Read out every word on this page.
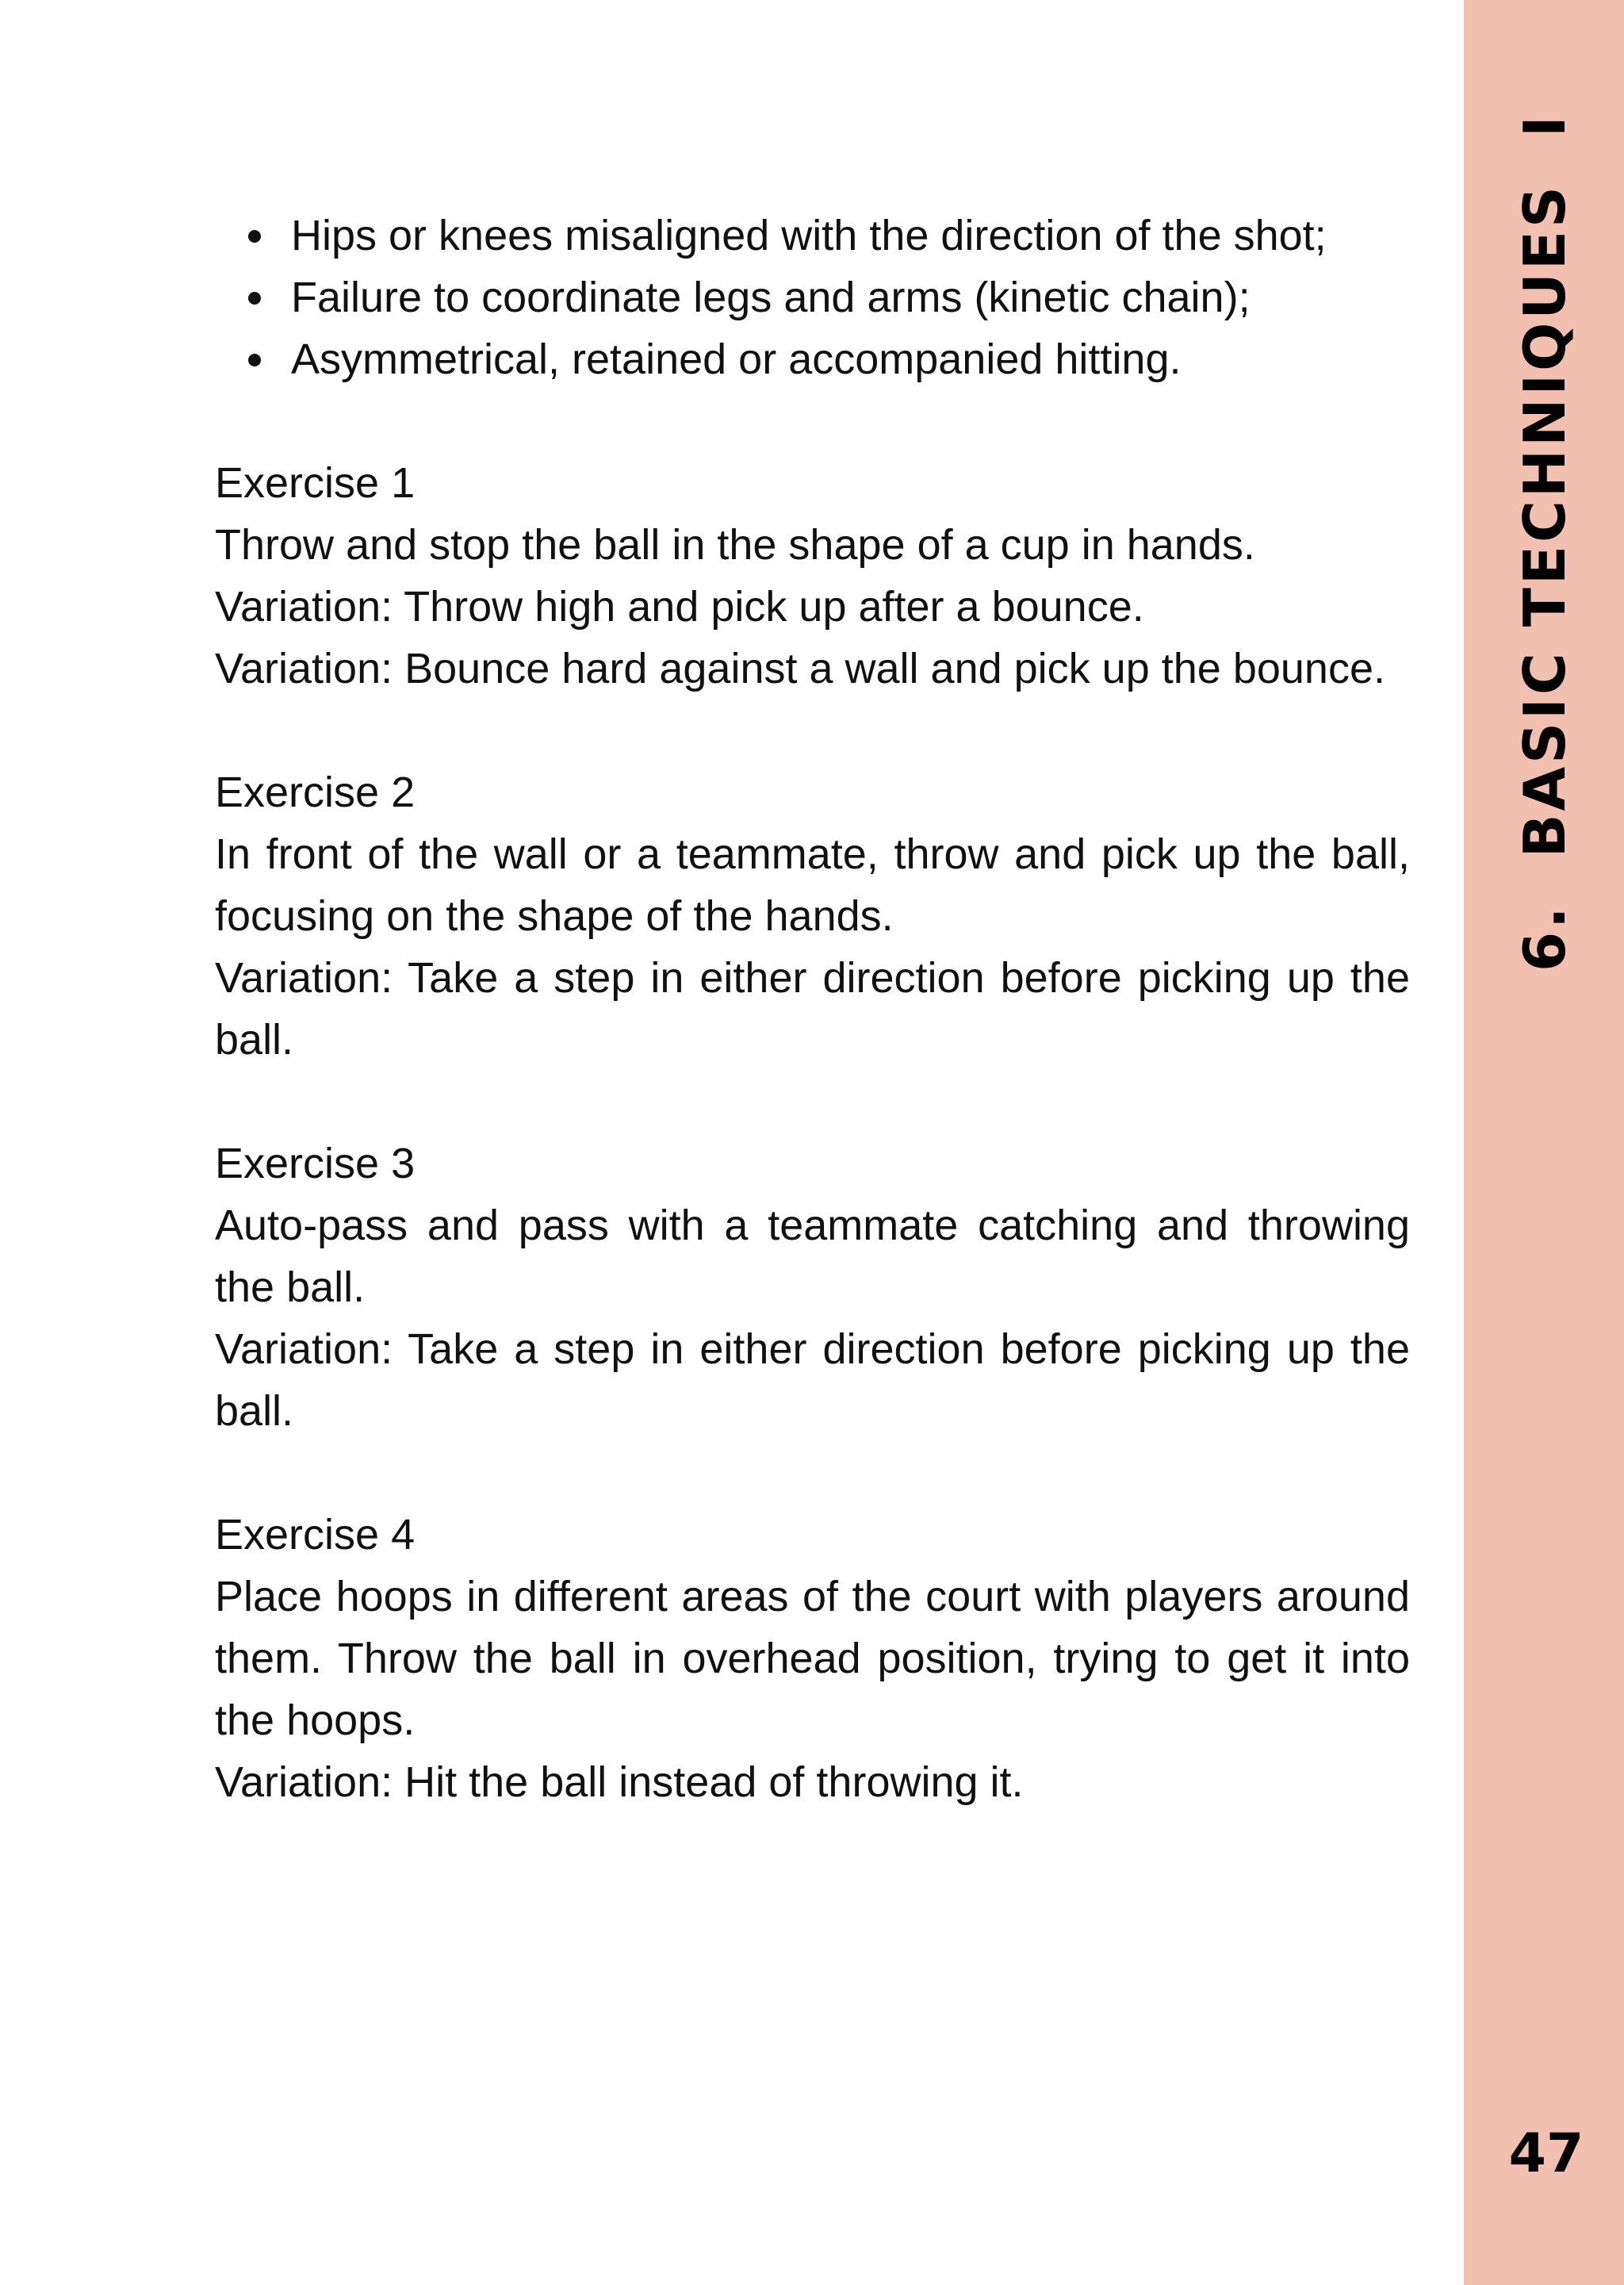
Hips or knees misaligned with the direction of the shot;
Failure to coordinate legs and arms (kinetic chain);
Asymmetrical, retained or accompanied hitting.

Exercise 1

Throw and stop the ball in the shape of a cup in hands.

Variation: Throw high and pick up after a bounce.

Variation: Bounce hard against a wall and pick up the bounce.

Exercise 2

In front of the wall or a teammate, throw and pick up the ball, focusing on the shape of the hands.

Variation: Take a step in either direction before picking up the ball.

Exercise 3

Auto-pass and pass with a teammate catching and throwing the ball.

Variation: Take a step in either direction before picking up the ball.

Exercise 4

Place hoops in different areas of the court with players around them. Throw the ball in overhead position, trying to get it into the hoops.

Variation: Hit the ball instead of throwing it.

6.  BASIC TECHNIQUES  I
47
